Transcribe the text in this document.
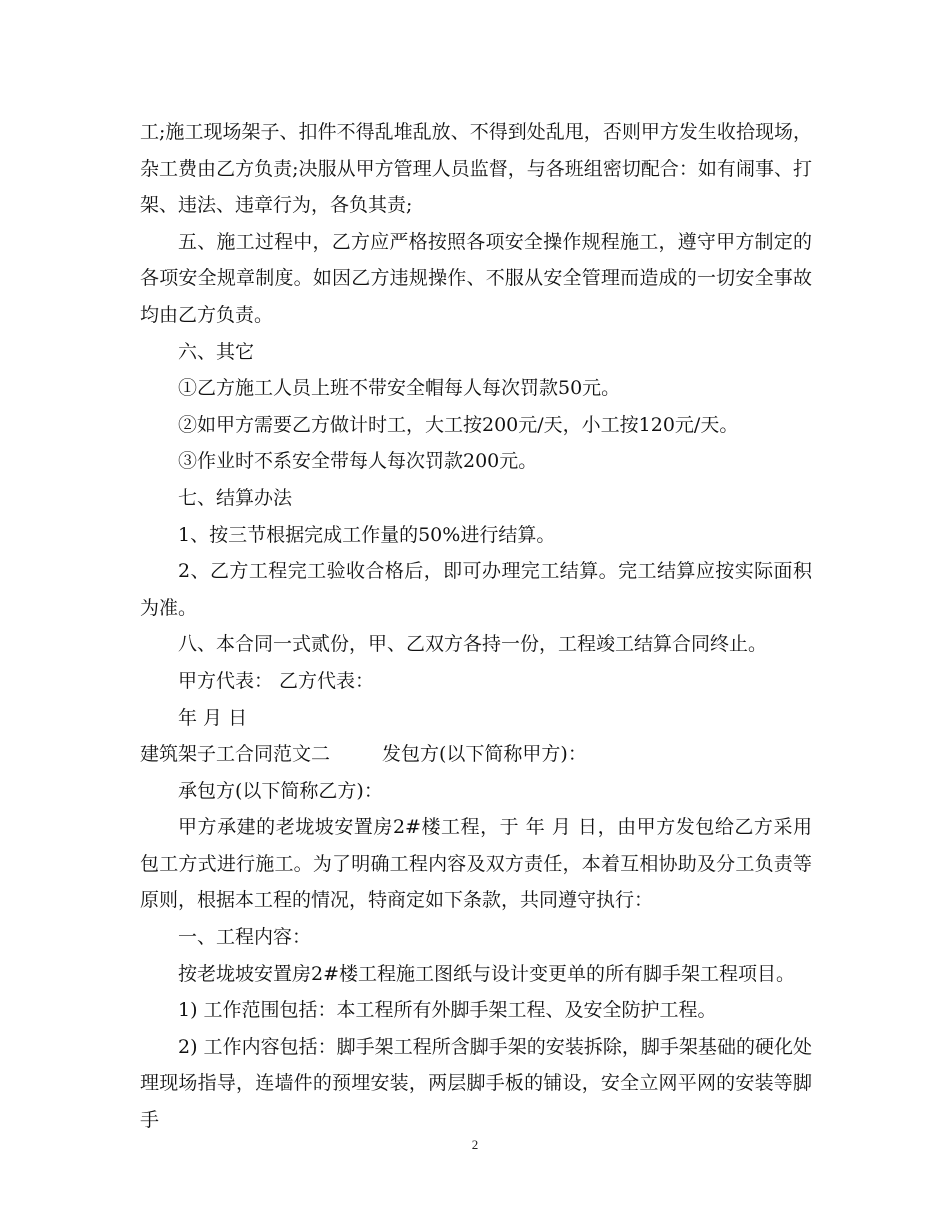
工;施工现场架子、扣件不得乱堆乱放、不得到处乱甩，否则甲方发生收拾现场，杂工费由乙方负责;决服从甲方管理人员监督，与各班组密切配合：如有闹事、打架、违法、违章行为，各负其责;

五、施工过程中，乙方应严格按照各项安全操作规程施工，遵守甲方制定的各项安全规章制度。如因乙方违规操作、不服从安全管理而造成的一切安全事故均由乙方负责。

六、其它

①乙方施工人员上班不带安全帽每人每次罚款50元。

②如甲方需要乙方做计时工，大工按200元/天，小工按120元/天。

③作业时不系安全带每人每次罚款200元。

七、结算办法

1、按三节根据完成工作量的50%进行结算。

2、乙方工程完工验收合格后，即可办理完工结算。完工结算应按实际面积为准。

八、本合同一式贰份，甲、乙双方各持一份，工程竣工结算合同终止。

甲方代表： 乙方代表：

年 月 日

建筑架子工合同范文二	发包方(以下简称甲方)：

承包方(以下简称乙方)：

甲方承建的老垅坡安置房2#楼工程，于 年 月 日，由甲方发包给乙方采用包工方式进行施工。为了明确工程内容及双方责任，本着互相协助及分工负责等原则，根据本工程的情况，特商定如下条款，共同遵守执行：

一、工程内容：

按老垅坡安置房2#楼工程施工图纸与设计变更单的所有脚手架工程项目。

1) 工作范围包括：本工程所有外脚手架工程、及安全防护工程。

2) 工作内容包括：脚手架工程所含脚手架的安装拆除，脚手架基础的硬化处理现场指导，连墙件的预埋安装，两层脚手板的铺设，安全立网平网的安装等脚手

2
